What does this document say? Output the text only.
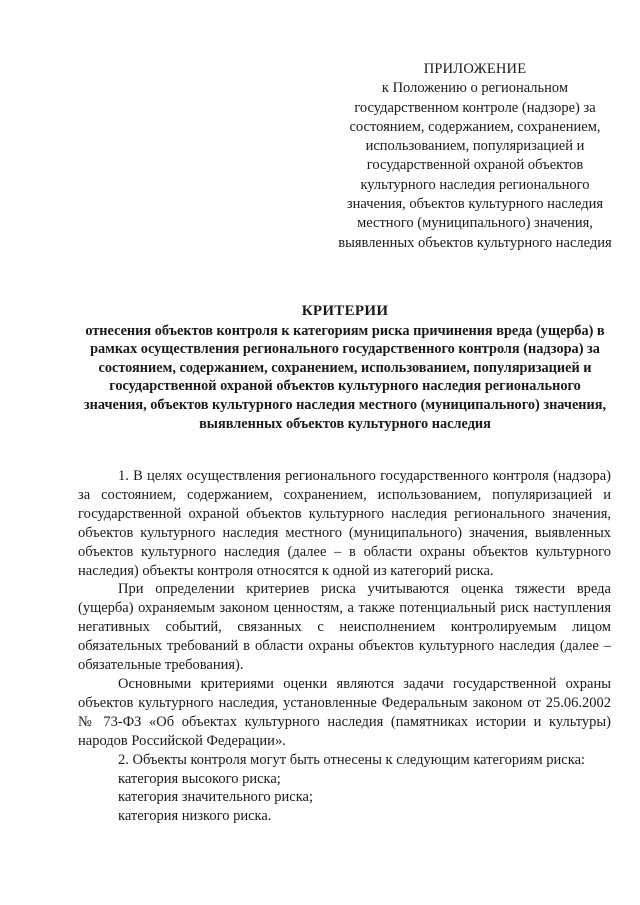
ПРИЛОЖЕНИЕ
к Положению о региональном государственном контроле (надзоре) за состоянием, содержанием, сохранением, использованием, популяризацией и государственной охраной объектов культурного наследия регионального значения, объектов культурного наследия местного (муниципального) значения, выявленных объектов культурного наследия
КРИТЕРИИ
отнесения объектов контроля к категориям риска причинения вреда (ущерба) в рамках осуществления регионального государственного контроля (надзора) за состоянием, содержанием, сохранением, использованием, популяризацией и государственной охраной объектов культурного наследия регионального значения, объектов культурного наследия местного (муниципального) значения, выявленных объектов культурного наследия

1. В целях осуществления регионального государственного контроля (надзора) за состоянием, содержанием, сохранением, использованием, популяризацией и государственной охраной объектов культурного наследия регионального значения, объектов культурного наследия местного (муниципального) значения, выявленных объектов культурного наследия (далее – в области охраны объектов культурного наследия) объекты контроля относятся к одной из категорий риска.

При определении критериев риска учитываются оценка тяжести вреда (ущерба) охраняемым законом ценностям, а также потенциальный риск наступления негативных событий, связанных с неисполнением контролируемым лицом обязательных требований в области охраны объектов культурного наследия (далее – обязательные требования).

Основными критериями оценки являются задачи государственной охраны объектов культурного наследия, установленные Федеральным законом от 25.06.2002 № 73-ФЗ «Об объектах культурного наследия (памятниках истории и культуры) народов Российской Федерации».

2. Объекты контроля могут быть отнесены к следующим категориям риска:

категория высокого риска;

категория значительного риска;

категория низкого риска.
